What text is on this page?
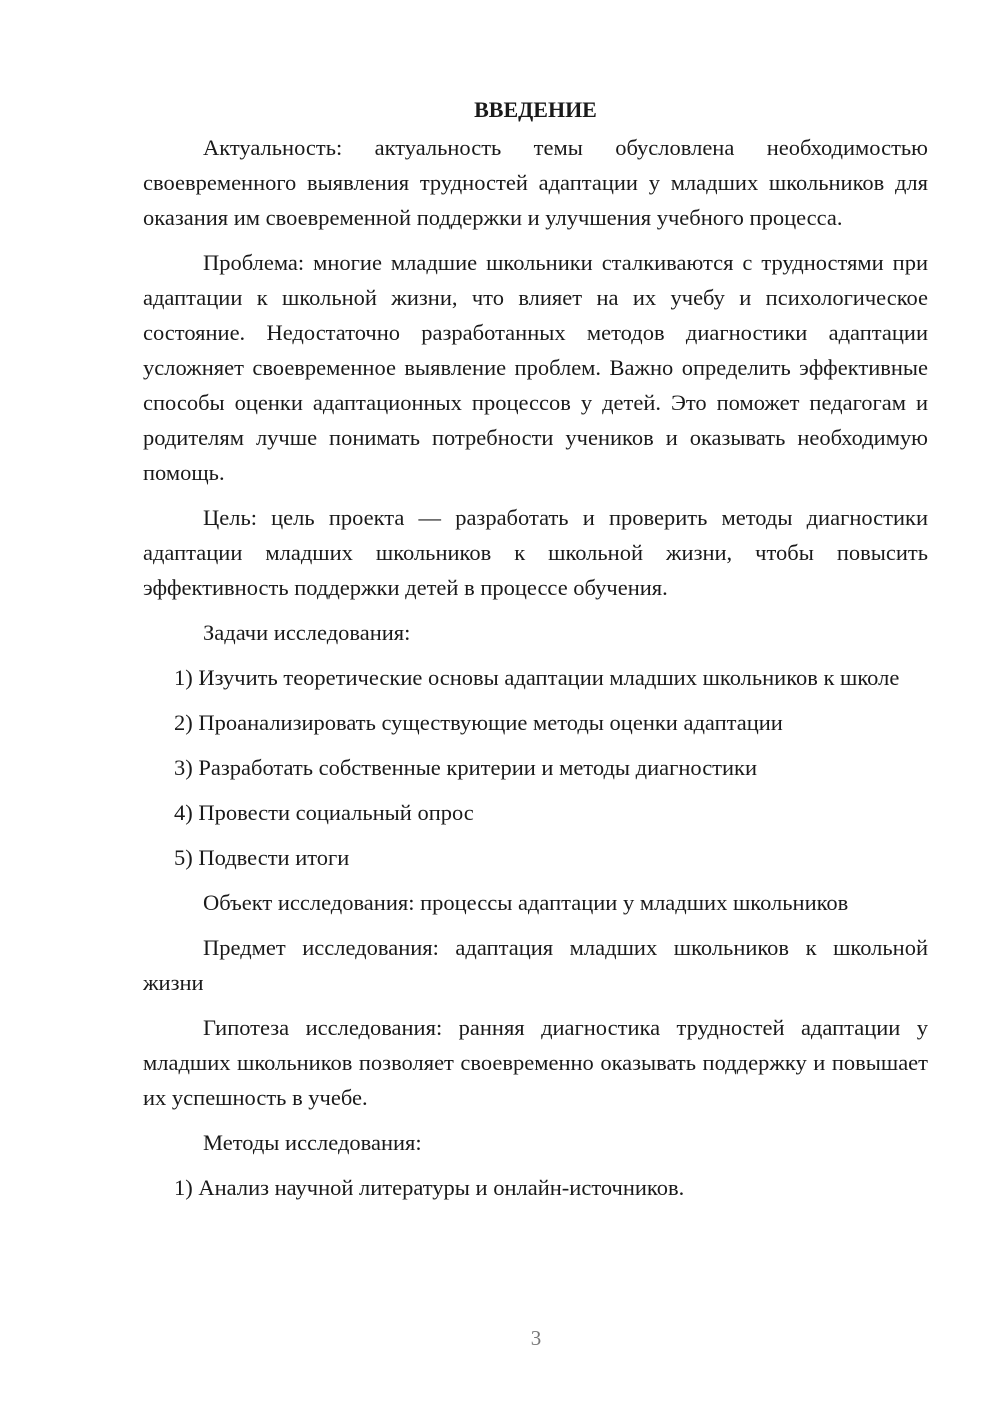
ВВЕДЕНИЕ

Актуальность: актуальность темы обусловлена необходимостью своевременного выявления трудностей адаптации у младших школьников для оказания им своевременной поддержки и улучшения учебного процесса.

Проблема: многие младшие школьники сталкиваются с трудностями при адаптации к школьной жизни, что влияет на их учебу и психологическое состояние. Недостаточно разработанных методов диагностики адаптации усложняет своевременное выявление проблем. Важно определить эффективные способы оценки адаптационных процессов у детей. Это поможет педагогам и родителям лучше понимать потребности учеников и оказывать необходимую помощь.

Цель: цель проекта — разработать и проверить методы диагностики адаптации младших школьников к школьной жизни, чтобы повысить эффективность поддержки детей в процессе обучения.

Задачи исследования:

1) Изучить теоретические основы адаптации младших школьников к школе

2) Проанализировать существующие методы оценки адаптации

3) Разработать собственные критерии и методы диагностики

4) Провести социальный опрос

5) Подвести итоги

Объект исследования: процессы адаптации у младших школьников

Предмет исследования: адаптация младших школьников к школьной жизни

Гипотеза исследования: ранняя диагностика трудностей адаптации у младших школьников позволяет своевременно оказывать поддержку и повышает их успешность в учебе.

Методы исследования:

1) Анализ научной литературы и онлайн-источников.

3
